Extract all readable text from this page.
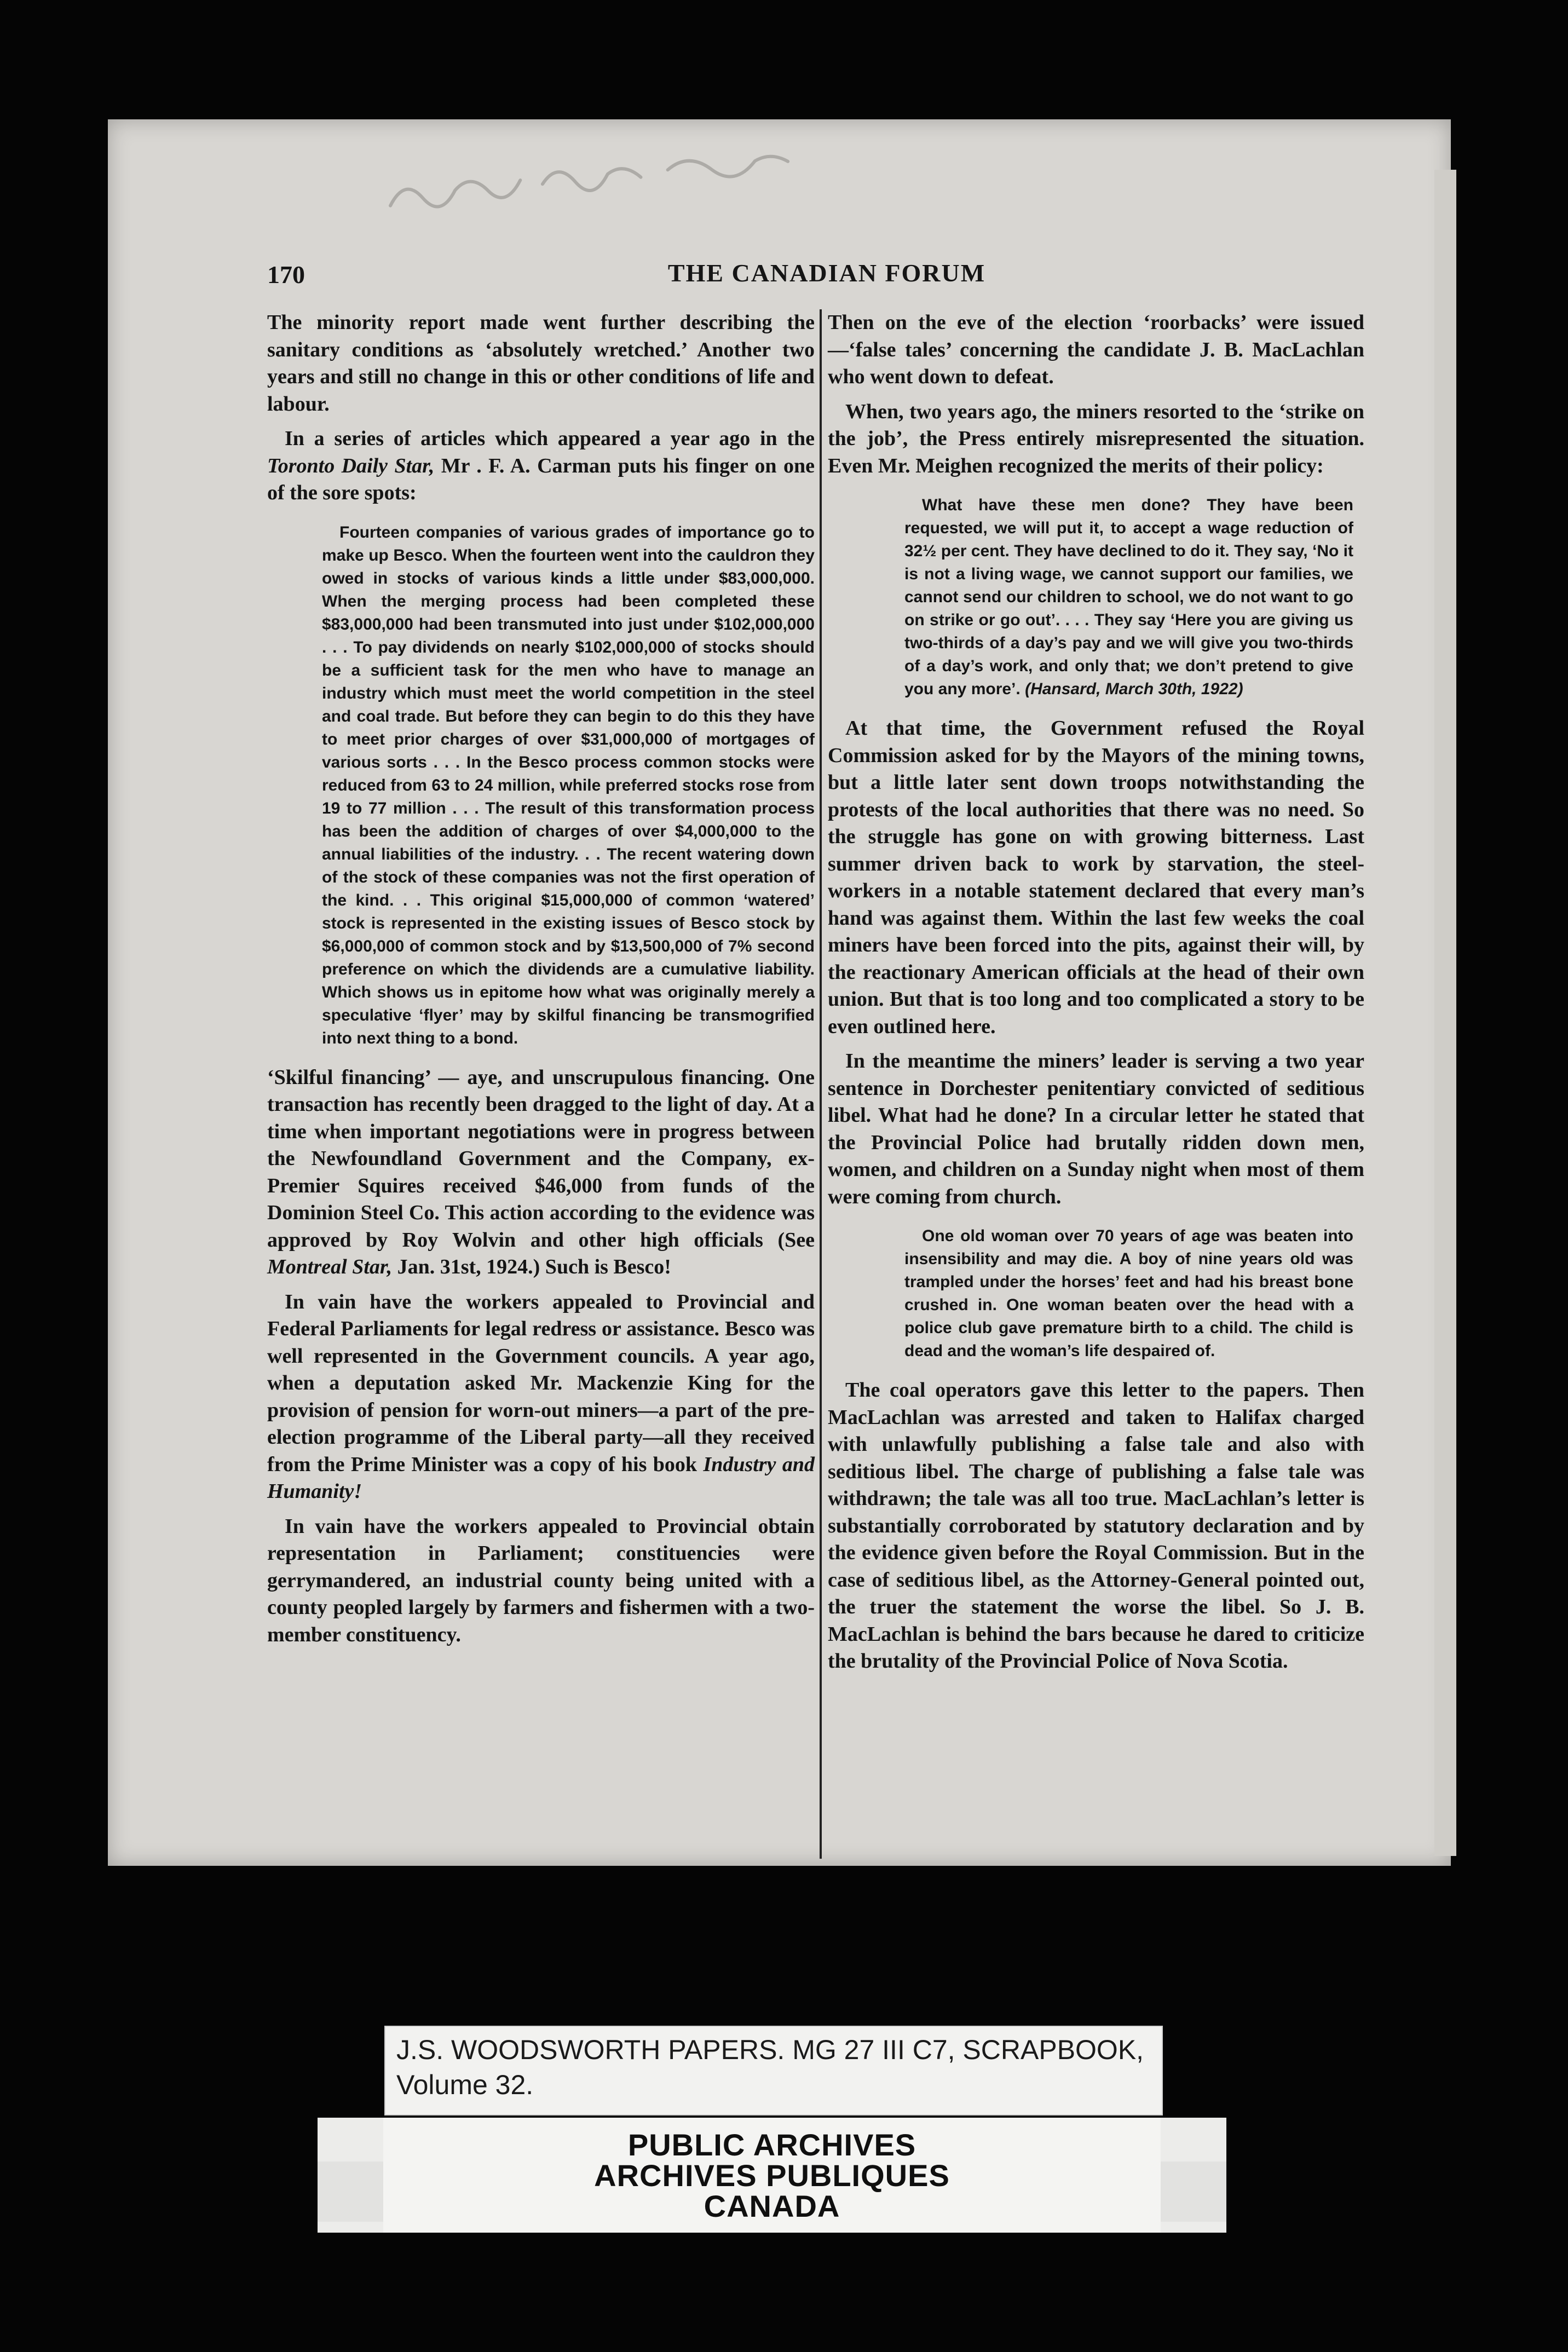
170	THE CANADIAN FORUM

The minority report made went further describing the sanitary conditions as ‘absolutely wretched.’ Another two years and still no change in this or other conditions of life and labour.

In a series of articles which appeared a year ago in the Toronto Daily Star, Mr . F. A. Carman puts his finger on one of the sore spots:

Fourteen companies of various grades of importance go to make up Besco. When the fourteen went into the cauldron they owed in stocks of various kinds a little under $83,000,000. When the merging process had been completed these $83,000,000 had been transmuted into just under $102,000,000 . . . To pay dividends on nearly $102,000,000 of stocks should be a sufficient task for the men who have to manage an industry which must meet the world competition in the steel and coal trade. But before they can begin to do this they have to meet prior charges of over $31,000,000 of mortgages of various sorts . . . In the Besco process common stocks were reduced from 63 to 24 million, while preferred stocks rose from 19 to 77 million . . . The result of this transformation process has been the addition of charges of over $4,000,000 to the annual liabilities of the industry. . . The recent watering down of the stock of these companies was not the first operation of the kind. . . This original $15,000,000 of common ‘watered’ stock is represented in the existing issues of Besco stock by $6,000,000 of common stock and by $13,500,000 of 7% second preference on which the dividends are a cumulative liability. Which shows us in epitome how what was originally merely a speculative ‘flyer’ may by skilful financing be transmogrified into next thing to a bond.

‘Skilful financing’ — aye, and unscrupulous financing. One transaction has recently been dragged to the light of day. At a time when important negotiations were in progress between the Newfoundland Government and the Company, ex-Premier Squires received $46,000 from funds of the Dominion Steel Co. This action according to the evidence was approved by Roy Wolvin and other high officials (See Montreal Star, Jan. 31st, 1924.) Such is Besco!

In vain have the workers appealed to Provincial and Federal Parliaments for legal redress or assistance. Besco was well represented in the Government councils. A year ago, when a deputation asked Mr. Mackenzie King for the provision of pension for worn-out miners—a part of the pre-election programme of the Liberal party—all they received from the Prime Minister was a copy of his book Industry and Humanity!

In vain have the workers appealed to Provincial obtain representation in Parliament; constituencies were gerrymandered, an industrial county being united with a county peopled largely by farmers and fishermen with a two-member constituency.

Then on the eve of the election ‘roorbacks’ were issued—‘false tales’ concerning the candidate J. B. MacLachlan who went down to defeat.

When, two years ago, the miners resorted to the ‘strike on the job’, the Press entirely misrepresented the situation. Even Mr. Meighen recognized the merits of their policy:

What have these men done? They have been requested, we will put it, to accept a wage reduction of 32½ per cent. They have declined to do it. They say, ‘No it is not a living wage, we cannot support our families, we cannot send our children to school, we do not want to go on strike or go out’. . . . They say ‘Here you are giving us two-thirds of a day’s pay and we will give you two-thirds of a day’s work, and only that; we don’t pretend to give you any more’. (Hansard, March 30th, 1922)

At that time, the Government refused the Royal Commission asked for by the Mayors of the mining towns, but a little later sent down troops notwithstanding the protests of the local authorities that there was no need. So the struggle has gone on with growing bitterness. Last summer driven back to work by starvation, the steel-workers in a notable statement declared that every man’s hand was against them. Within the last few weeks the coal miners have been forced into the pits, against their will, by the reactionary American officials at the head of their own union. But that is too long and too complicated a story to be even outlined here.

In the meantime the miners’ leader is serving a two year sentence in Dorchester penitentiary convicted of seditious libel. What had he done? In a circular letter he stated that the Provincial Police had brutally ridden down men, women, and children on a Sunday night when most of them were coming from church.

One old woman over 70 years of age was beaten into insensibility and may die. A boy of nine years old was trampled under the horses’ feet and had his breast bone crushed in. One woman beaten over the head with a police club gave premature birth to a child. The child is dead and the woman’s life despaired of.

The coal operators gave this letter to the papers. Then MacLachlan was arrested and taken to Halifax charged with unlawfully publishing a false tale and also with seditious libel. The charge of publishing a false tale was withdrawn; the tale was all too true. MacLachlan’s letter is substantially corroborated by statutory declaration and by the evidence given before the Royal Commission. But in the case of seditious libel, as the Attorney-General pointed out, the truer the statement the worse the libel. So J. B. MacLachlan is behind the bars because he dared to criticize the brutality of the Provincial Police of Nova Scotia.

J.S. WOODSWORTH PAPERS. MG 27 III C7, SCRAPBOOK,
Volume 32.
PUBLIC ARCHIVES
ARCHIVES PUBLIQUES
CANADA
